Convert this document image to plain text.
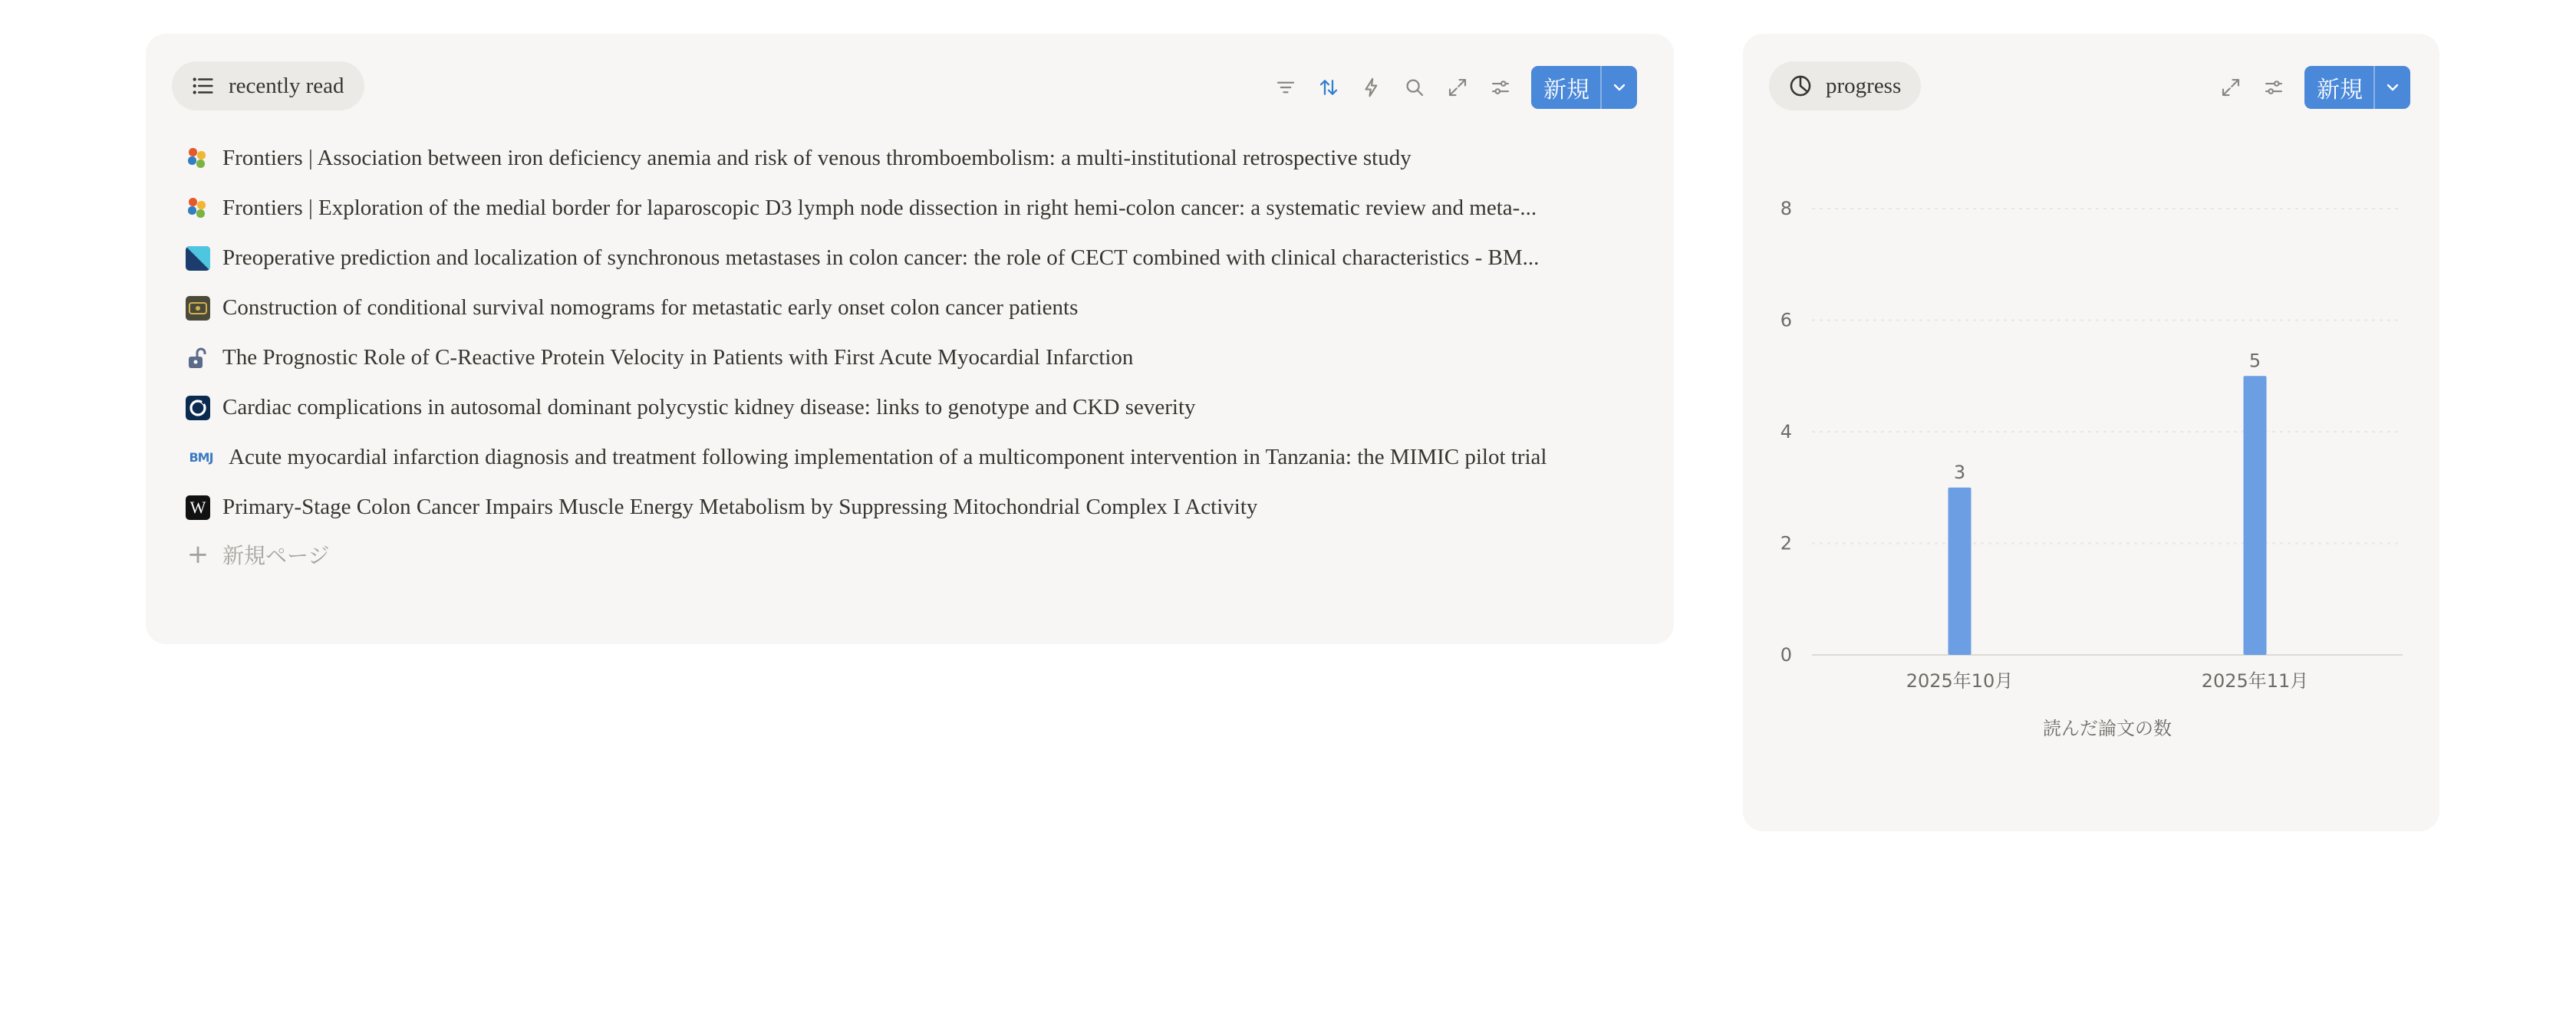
recently read	新規
Frontiers | Association between iron deficiency anemia and risk of venous thromboembolism: a multi-institutional retrospective study
Frontiers | Exploration of the medial border for laparoscopic D3 lymph node dissection in right hemi-colon cancer: a systematic review and meta-...
Preoperative prediction and localization of synchronous metastases in colon cancer: the role of CECT combined with clinical characteristics - BM...
Construction of conditional survival nomograms for metastatic early onset colon cancer patients
The Prognostic Role of C-Reactive Protein Velocity in Patients with First Acute Myocardial Infarction
Cardiac complications in autosomal dominant polycystic kidney disease: links to genotype and CKD severity
BMJ Acute myocardial infarction diagnosis and treatment following implementation of a multicomponent intervention in Tanzania: the MIMIC pilot trial
W Primary-Stage Colon Cancer Impairs Muscle Energy Metabolism by Suppressing Mitochondrial Complex I Activity
+ 新規ページ
progress	新規
0
2
4
6
8
3
2025年10月
5
2025年11月
読んだ論文の数
